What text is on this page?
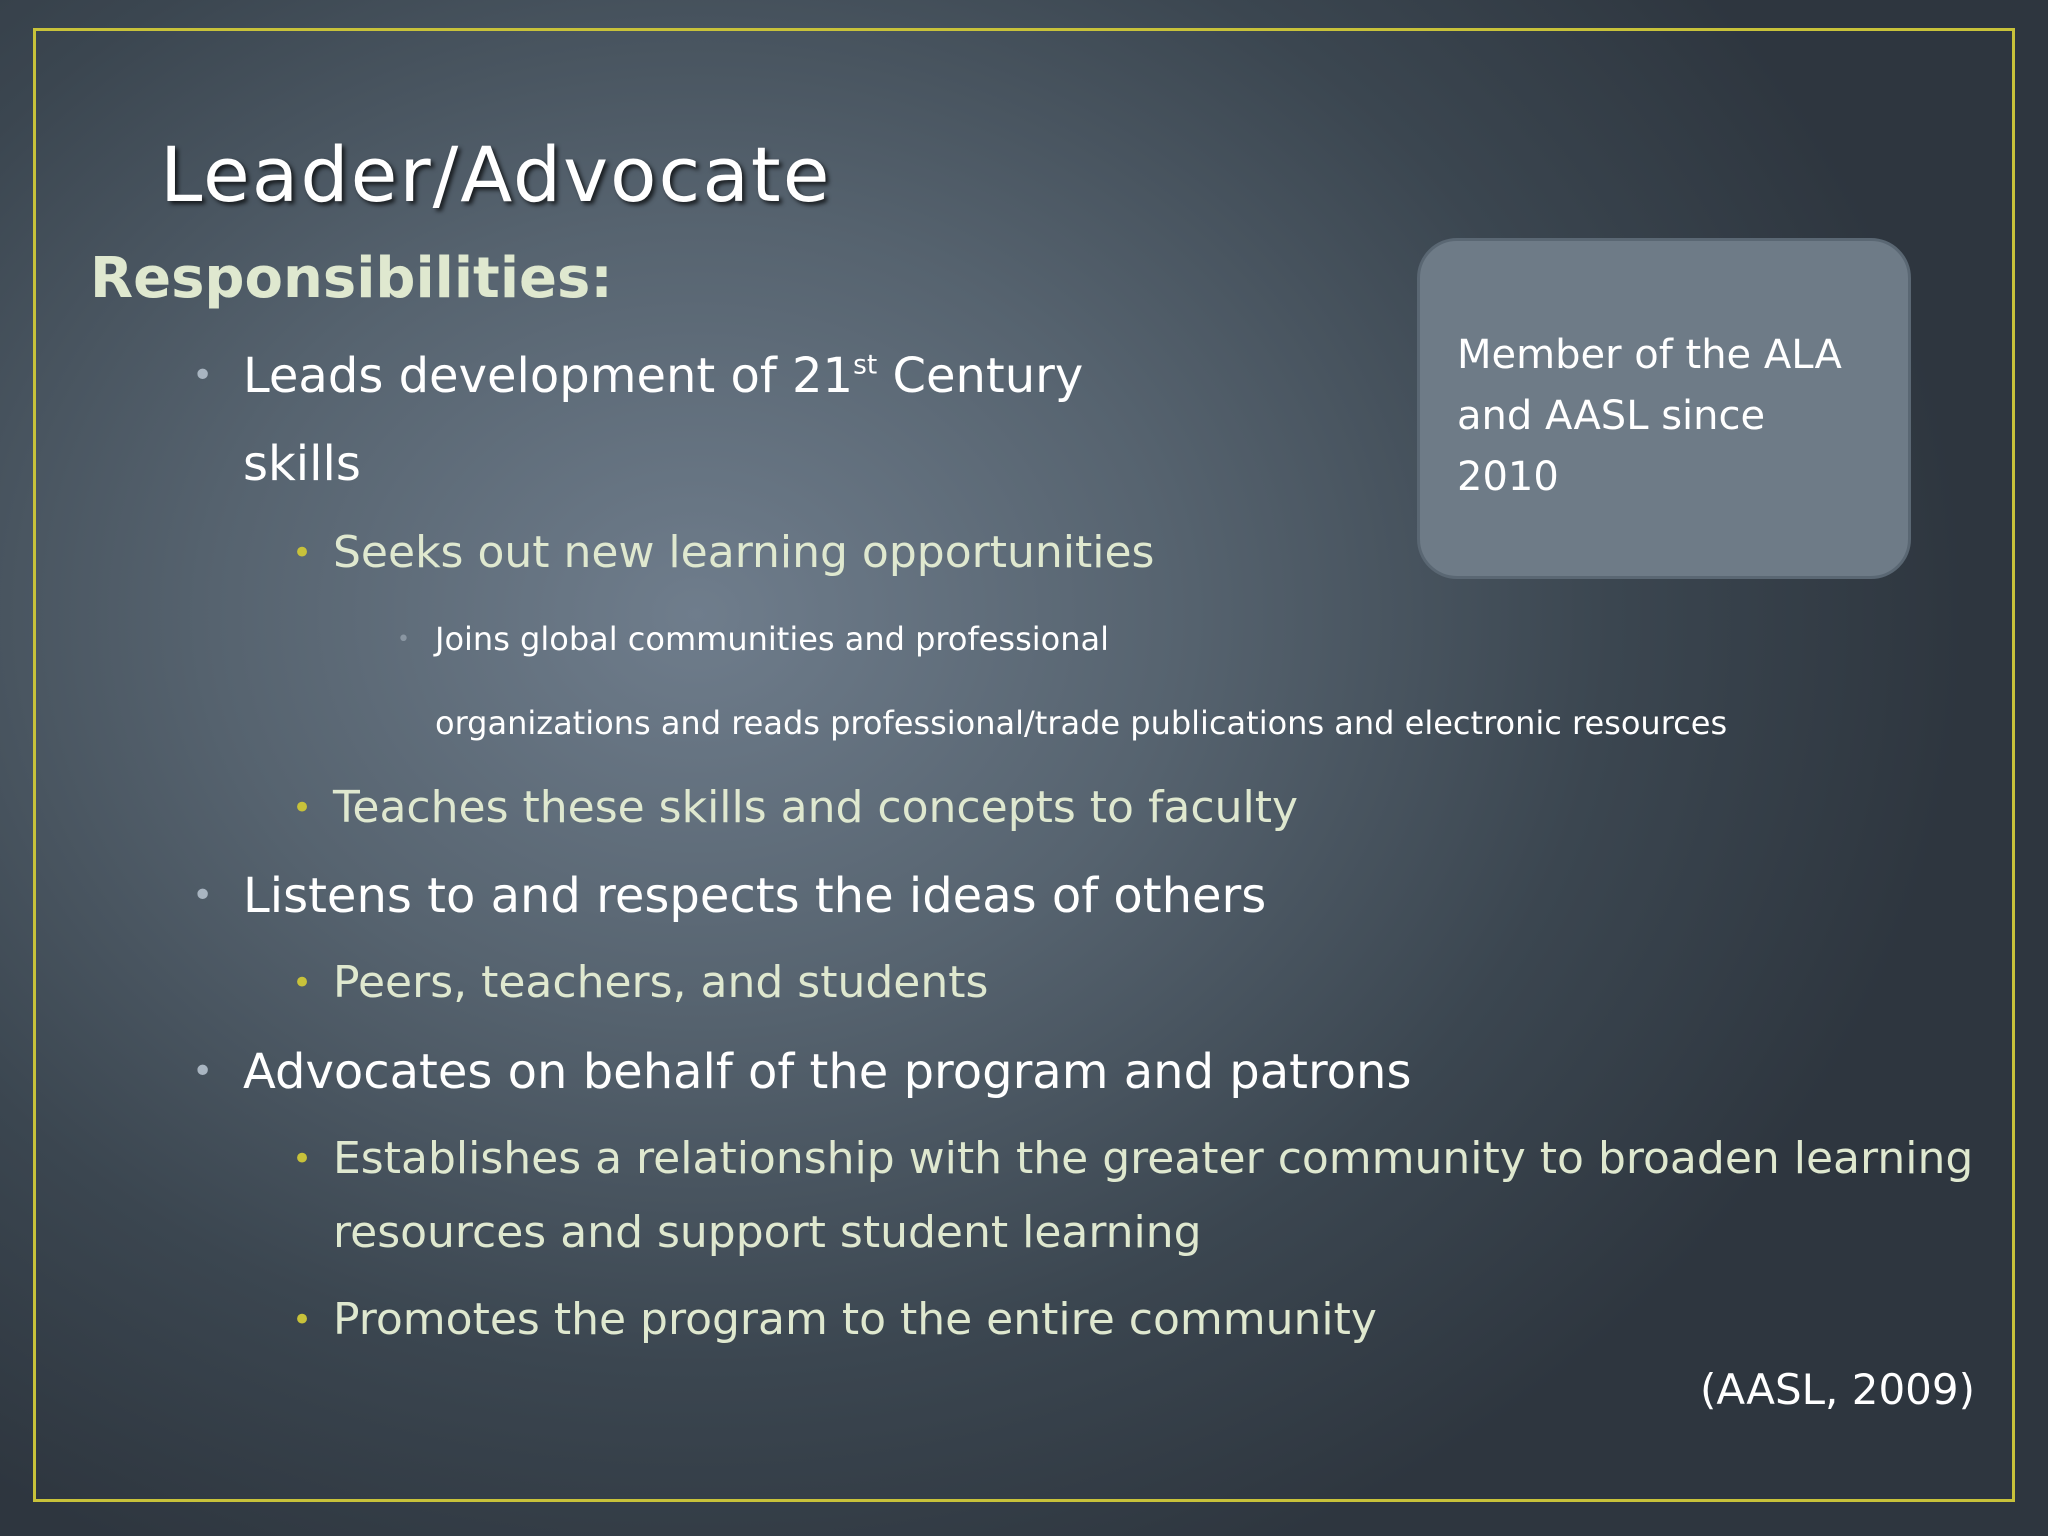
Leader/Advocate
Responsibilities:
Member of the ALA
and AASL since
2010
• Leads development of 21st Century
skills
• Seeks out new learning opportunities
• Joins global communities and professional
organizations and reads professional/trade publications and electronic resources
• Teaches these skills and concepts to faculty
• Listens to and respects the ideas of others
• Peers, teachers, and students
• Advocates on behalf of the program and patrons
• Establishes a relationship with the greater community to broaden learning
resources and support student learning
• Promotes the program to the entire community
(AASL, 2009)
